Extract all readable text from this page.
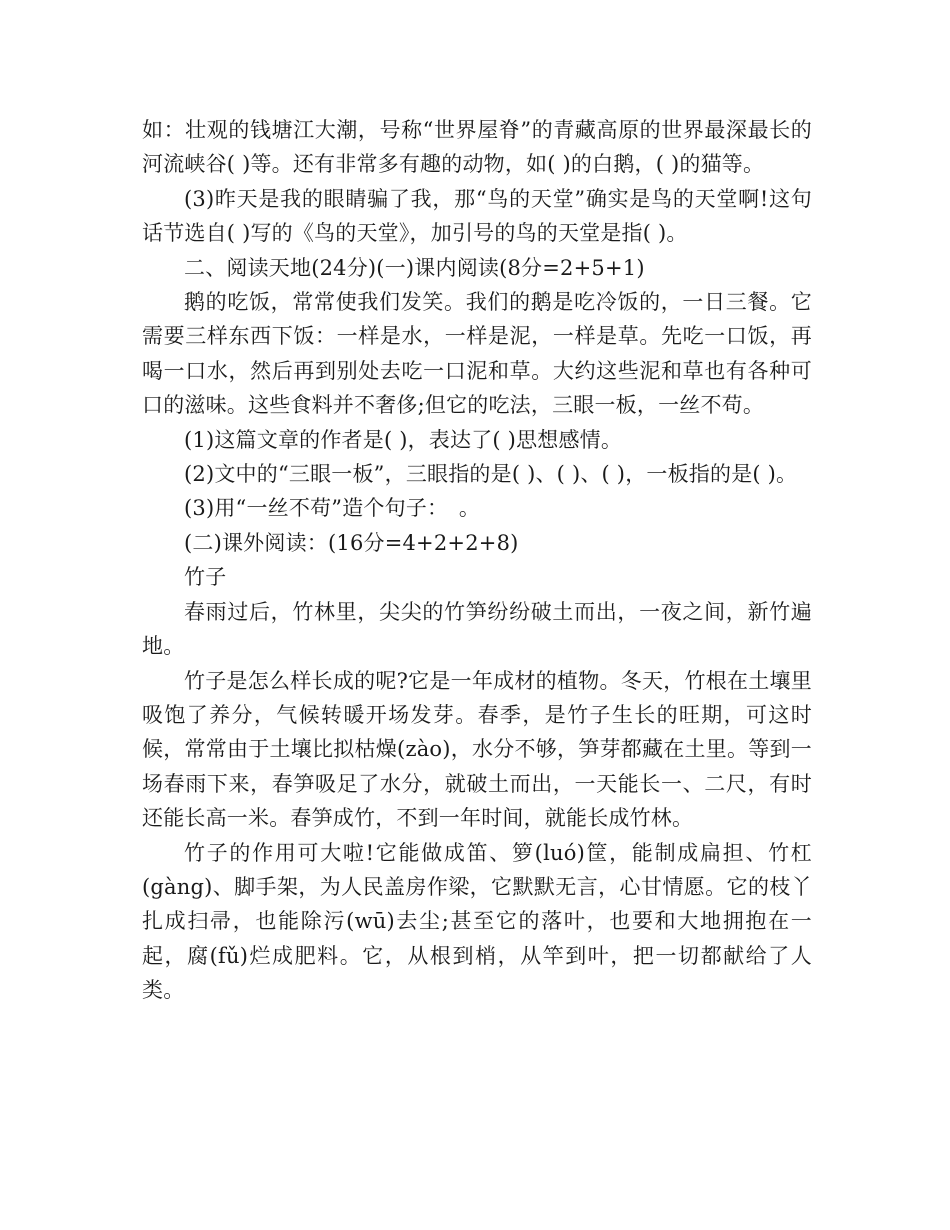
如：壮观的钱塘江大潮，号称“世界屋脊”的青藏高原的世界最深最长的河流峡谷( )等。还有非常多有趣的动物，如( )的白鹅，( )的猫等。

(3)昨天是我的眼睛骗了我，那“鸟的天堂”确实是鸟的天堂啊!这句话节选自( )写的《鸟的天堂》，加引号的鸟的天堂是指( )。

二、阅读天地(24分)(一)课内阅读(8分=2+5+1)

鹅的吃饭，常常使我们发笑。我们的鹅是吃冷饭的，一日三餐。它需要三样东西下饭：一样是水，一样是泥，一样是草。先吃一口饭，再喝一口水，然后再到别处去吃一口泥和草。大约这些泥和草也有各种可口的滋味。这些食料并不奢侈;但它的吃法，三眼一板，一丝不苟。

(1)这篇文章的作者是( )，表达了( )思想感情。

(2)文中的“三眼一板”，三眼指的是( )、( )、( )，一板指的是( )。

(3)用“一丝不苟”造个句子：　。

(二)课外阅读：(16分=4+2+2+8)

竹子

春雨过后，竹林里，尖尖的竹笋纷纷破土而出，一夜之间，新竹遍地。

竹子是怎么样长成的呢?它是一年成材的植物。冬天，竹根在土壤里吸饱了养分，气候转暖开场发芽。春季，是竹子生长的旺期，可这时候，常常由于土壤比拟枯燥(zào)，水分不够，笋芽都藏在土里。等到一场春雨下来，春笋吸足了水分，就破土而出，一天能长一、二尺，有时还能长高一米。春笋成竹，不到一年时间，就能长成竹林。

竹子的作用可大啦!它能做成笛、箩(luó)筐，能制成扁担、竹杠(gàng)、脚手架，为人民盖房作梁，它默默无言，心甘情愿。它的枝丫扎成扫帚，也能除污(wū)去尘;甚至它的落叶，也要和大地拥抱在一起，腐(fǔ)烂成肥料。它，从根到梢，从竿到叶，把一切都献给了人类。
